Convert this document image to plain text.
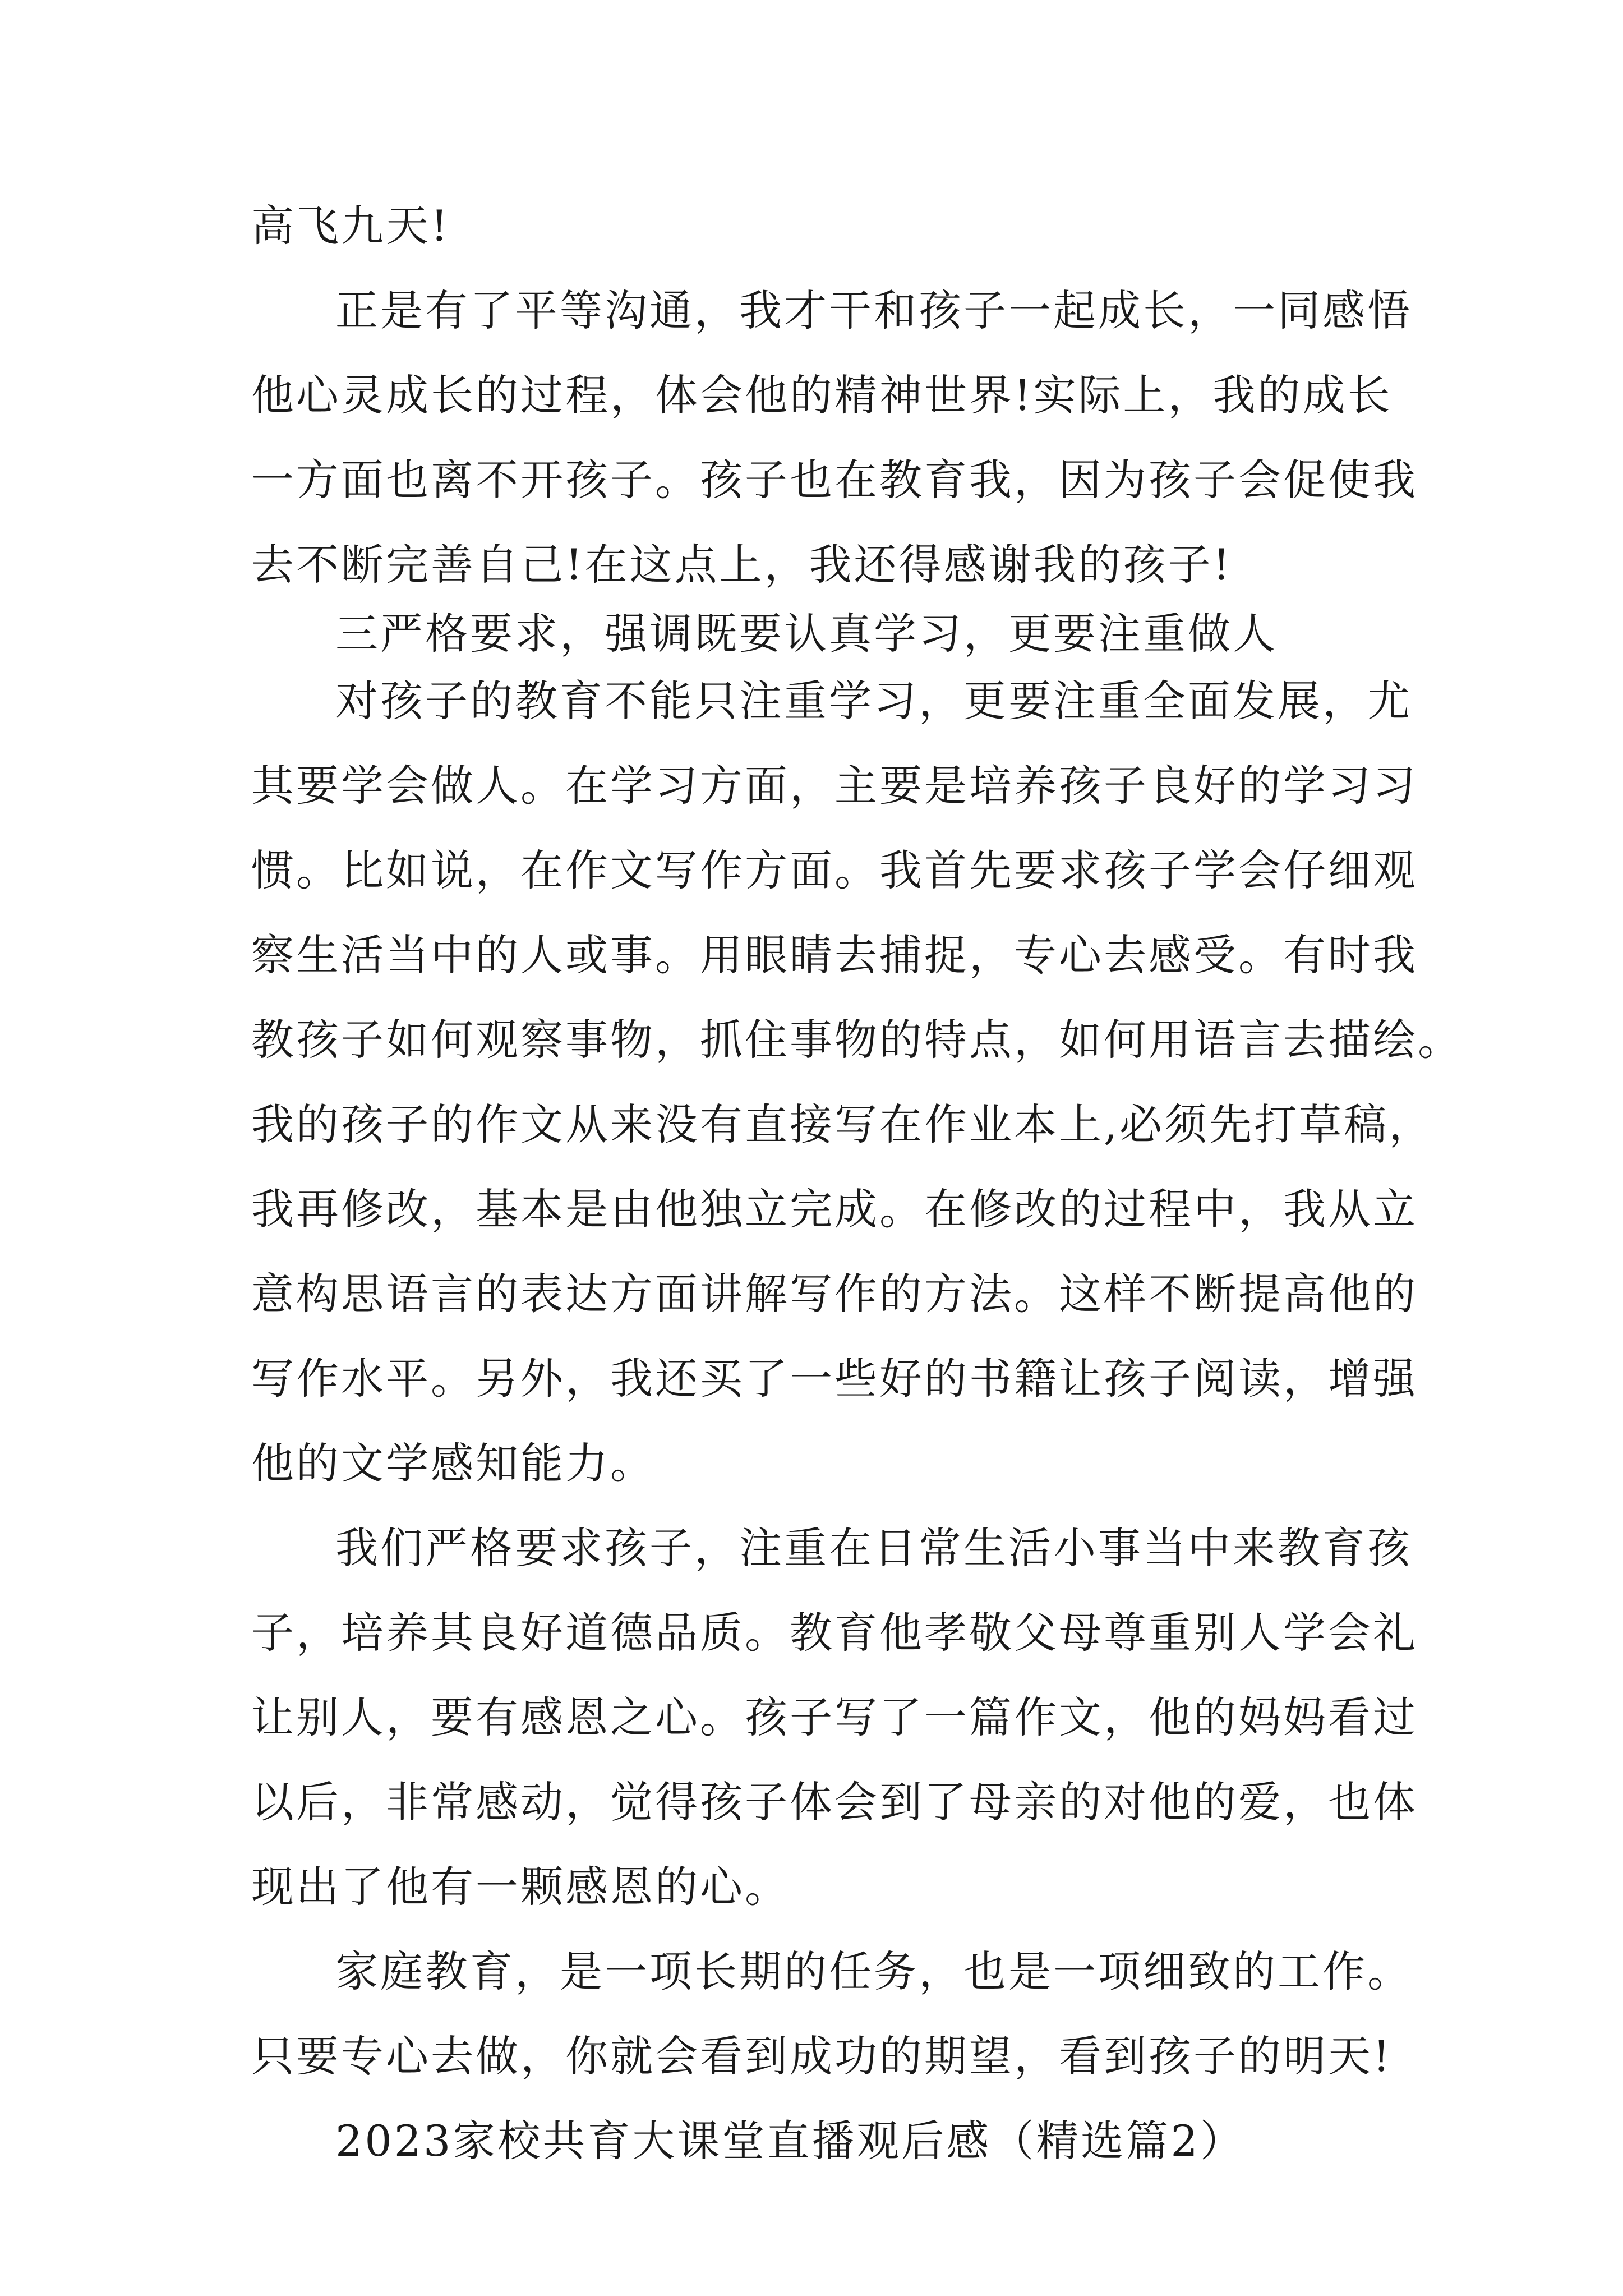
高飞九天!
正是有了平等沟通，我才干和孩子一起成长，一同感悟
他心灵成长的过程，体会他的精神世界!实际上，我的成长
一方面也离不开孩子。孩子也在教育我，因为孩子会促使我
去不断完善自己!在这点上，我还得感谢我的孩子!
三严格要求，强调既要认真学习，更要注重做人
对孩子的教育不能只注重学习，更要注重全面发展，尤
其要学会做人。在学习方面，主要是培养孩子良好的学习习
惯。比如说，在作文写作方面。我首先要求孩子学会仔细观
察生活当中的人或事。用眼睛去捕捉，专心去感受。有时我
教孩子如何观察事物，抓住事物的特点，如何用语言去描绘。
我的孩子的作文从来没有直接写在作业本上,必须先打草稿，
我再修改，基本是由他独立完成。在修改的过程中，我从立
意构思语言的表达方面讲解写作的方法。这样不断提高他的
写作水平。另外，我还买了一些好的书籍让孩子阅读，增强
他的文学感知能力。
我们严格要求孩子，注重在日常生活小事当中来教育孩
子，培养其良好道德品质。教育他孝敬父母尊重别人学会礼
让别人，要有感恩之心。孩子写了一篇作文，他的妈妈看过
以后，非常感动，觉得孩子体会到了母亲的对他的爱，也体
现出了他有一颗感恩的心。
家庭教育，是一项长期的任务，也是一项细致的工作。
只要专心去做，你就会看到成功的期望，看到孩子的明天!
2023家校共育大课堂直播观后感（精选篇2）
